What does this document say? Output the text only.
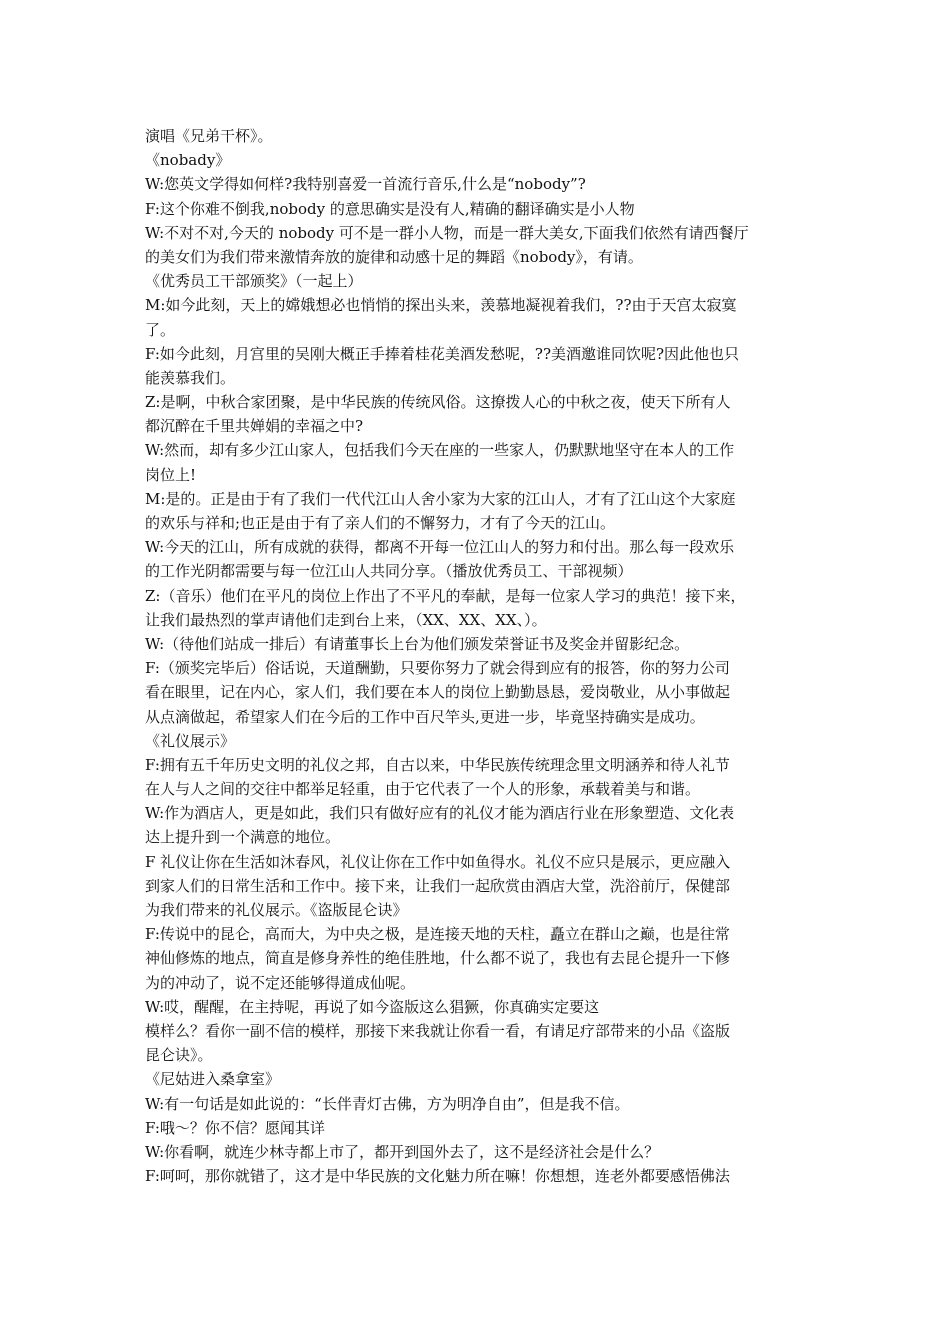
演唱《兄弟干杯》。
《nobady》
W:您英文学得如何样?我特别喜爱一首流行音乐,什么是“nobody”?
F:这个你难不倒我,nobody 的意思确实是没有人,精确的翻译确实是小人物
W:不对不对,今天的 nobody 可不是一群小人物，而是一群大美女,下面我们依然有请西餐厅
的美女们为我们带来激情奔放的旋律和动感十足的舞蹈《nobody》，有请。
《优秀员工干部颁奖》（一起上）
M:如今此刻，天上的嫦娥想必也悄悄的探出头来，羡慕地凝视着我们，??由于天宫太寂寞
了。
F:如今此刻，月宫里的吴刚大概正手捧着桂花美酒发愁呢，??美酒邀谁同饮呢?因此他也只
能羡慕我们。
Z:是啊，中秋合家团聚，是中华民族的传统风俗。这撩拨人心的中秋之夜，使天下所有人
都沉醉在千里共婵娟的幸福之中?
W:然而，却有多少江山家人，包括我们今天在座的一些家人，仍默默地坚守在本人的工作
岗位上!
M:是的。正是由于有了我们一代代江山人舍小家为大家的江山人，才有了江山这个大家庭
的欢乐与祥和;也正是由于有了亲人们的不懈努力，才有了今天的江山。
W:今天的江山，所有成就的获得，都离不开每一位江山人的努力和付出。那么每一段欢乐
的工作光阴都需要与每一位江山人共同分享。（播放优秀员工、干部视频）
Z:（音乐）他们在平凡的岗位上作出了不平凡的奉献，是每一位家人学习的典范！接下来，
让我们最热烈的掌声请他们走到台上来，（XX、XX、XX、）。
W:（待他们站成一排后）有请董事长上台为他们颁发荣誉证书及奖金并留影纪念。
F:（颁奖完毕后）俗话说，天道酬勤，只要你努力了就会得到应有的报答，你的努力公司
看在眼里，记在内心，家人们，我们要在本人的岗位上勤勤恳恳，爱岗敬业，从小事做起
从点滴做起，希望家人们在今后的工作中百尺竿头,更进一步，毕竟坚持确实是成功。
《礼仪展示》
F:拥有五千年历史文明的礼仪之邦，自古以来，中华民族传统理念里文明涵养和待人礼节
在人与人之间的交往中都举足轻重，由于它代表了一个人的形象，承载着美与和谐。
W:作为酒店人，更是如此，我们只有做好应有的礼仪才能为酒店行业在形象塑造、文化表
达上提升到一个满意的地位。
F 礼仪让你在生活如沐春风，礼仪让你在工作中如鱼得水。礼仪不应只是展示，更应融入
到家人们的日常生活和工作中。接下来，让我们一起欣赏由酒店大堂，洗浴前厅，保健部
为我们带来的礼仪展示。《盗版昆仑诀》
F:传说中的昆仑，高而大，为中央之极，是连接天地的天柱，矗立在群山之巅，也是往常
神仙修炼的地点，简直是修身养性的绝佳胜地，什么都不说了，我也有去昆仑提升一下修
为的冲动了，说不定还能够得道成仙呢。
W:哎，醒醒，在主持呢，再说了如今盗版这么猖獗，你真确实定要这
模样么？看你一副不信的模样，那接下来我就让你看一看，有请足疗部带来的小品《盗版
昆仑诀》。
《尼姑进入桑拿室》
W:有一句话是如此说的：“长伴青灯古佛，方为明净自由”，但是我不信。
F:哦～？你不信？愿闻其详
W:你看啊，就连少林寺都上市了，都开到国外去了，这不是经济社会是什么？
F:呵呵，那你就错了，这才是中华民族的文化魅力所在嘛！你想想，连老外都要感悟佛法
